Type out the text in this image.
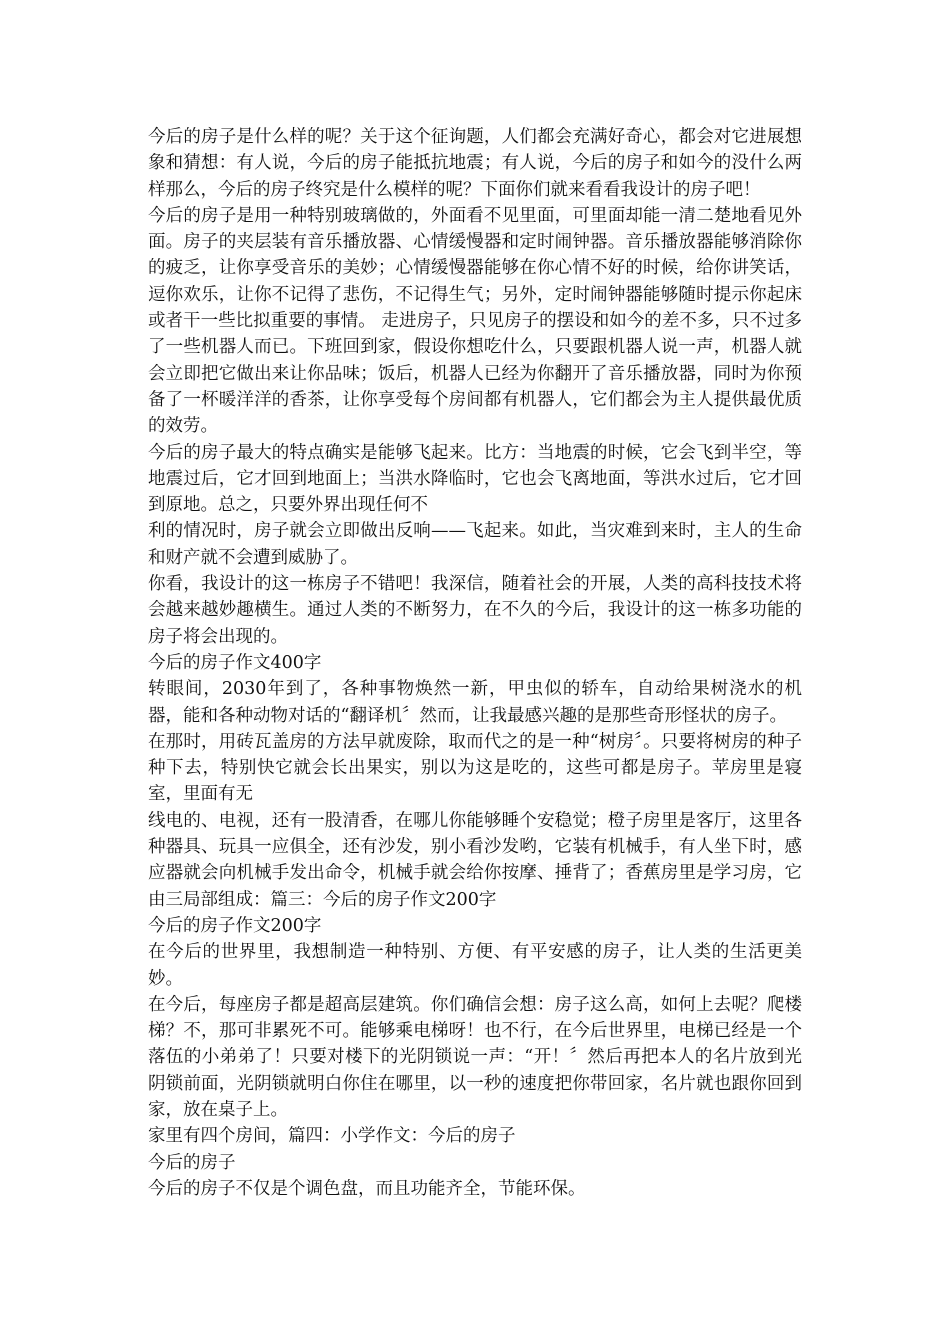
今后的房子是什么样的呢？关于这个征询题，人们都会充满好奇心，都会对它进展想象和猜想：有人说，今后的房子能抵抗地震；有人说，今后的房子和如今的没什么两样那么，今后的房子终究是什么模样的呢？下面你们就来看看我设计的房子吧！

今后的房子是用一种特别玻璃做的，外面看不见里面，可里面却能一清二楚地看见外面。房子的夹层装有音乐播放器、心情缓慢器和定时闹钟器。音乐播放器能够消除你的疲乏，让你享受音乐的美妙；心情缓慢器能够在你心情不好的时候，给你讲笑话，逗你欢乐，让你不记得了悲伤，不记得生气；另外，定时闹钟器能够随时提示你起床或者干一些比拟重要的事情。 走进房子，只见房子的摆设和如今的差不多，只不过多了一些机器人而已。下班回到家，假设你想吃什么，只要跟机器人说一声，机器人就会立即把它做出来让你品味；饭后，机器人已经为你翻开了音乐播放器，同时为你预备了一杯暖洋洋的香茶，让你享受每个房间都有机器人，它们都会为主人提供最优质的效劳。

今后的房子最大的特点确实是能够飞起来。比方：当地震的时候，它会飞到半空，等地震过后，它才回到地面上；当洪水降临时，它也会飞离地面，等洪水过后，它才回到原地。总之，只要外界出现任何不

利的情况时，房子就会立即做出反响——飞起来。如此，当灾难到来时，主人的生命和财产就不会遭到威胁了。

你看，我设计的这一栋房子不错吧！我深信，随着社会的开展，人类的高科技技术将会越来越妙趣横生。通过人类的不断努力，在不久的今后，我设计的这一栋多功能的房子将会出现的。

今后的房子作文400字

转眼间，2030年到了，各种事物焕然一新，甲虫似的轿车，自动给果树浇水的机器，能和各种动物对话的“翻译机〞然而，让我最感兴趣的是那些奇形怪状的房子。

在那时，用砖瓦盖房的方法早就废除，取而代之的是一种“树房〞。只要将树房的种子种下去，特别快它就会长出果实，别以为这是吃的，这些可都是房子。苹房里是寝室，里面有无

线电的、电视，还有一股清香，在哪儿你能够睡个安稳觉；橙子房里是客厅，这里各种器具、玩具一应俱全，还有沙发，别小看沙发哟，它装有机械手，有人坐下时，感应器就会向机械手发出命令，机械手就会给你按摩、捶背了；香蕉房里是学习房，它由三局部组成：篇三：今后的房子作文200字

今后的房子作文200字

在今后的世界里，我想制造一种特别、方便、有平安感的房子，让人类的生活更美妙。

在今后，每座房子都是超高层建筑。你们确信会想：房子这么高，如何上去呢？爬楼梯？不，那可非累死不可。能够乘电梯呀！也不行，在今后世界里，电梯已经是一个落伍的小弟弟了！只要对楼下的光阴锁说一声：“开！〞然后再把本人的名片放到光阴锁前面，光阴锁就明白你住在哪里，以一秒的速度把你带回家，名片就也跟你回到家，放在桌子上。

家里有四个房间，篇四：小学作文：今后的房子

今后的房子

今后的房子不仅是个调色盘，而且功能齐全，节能环保。
